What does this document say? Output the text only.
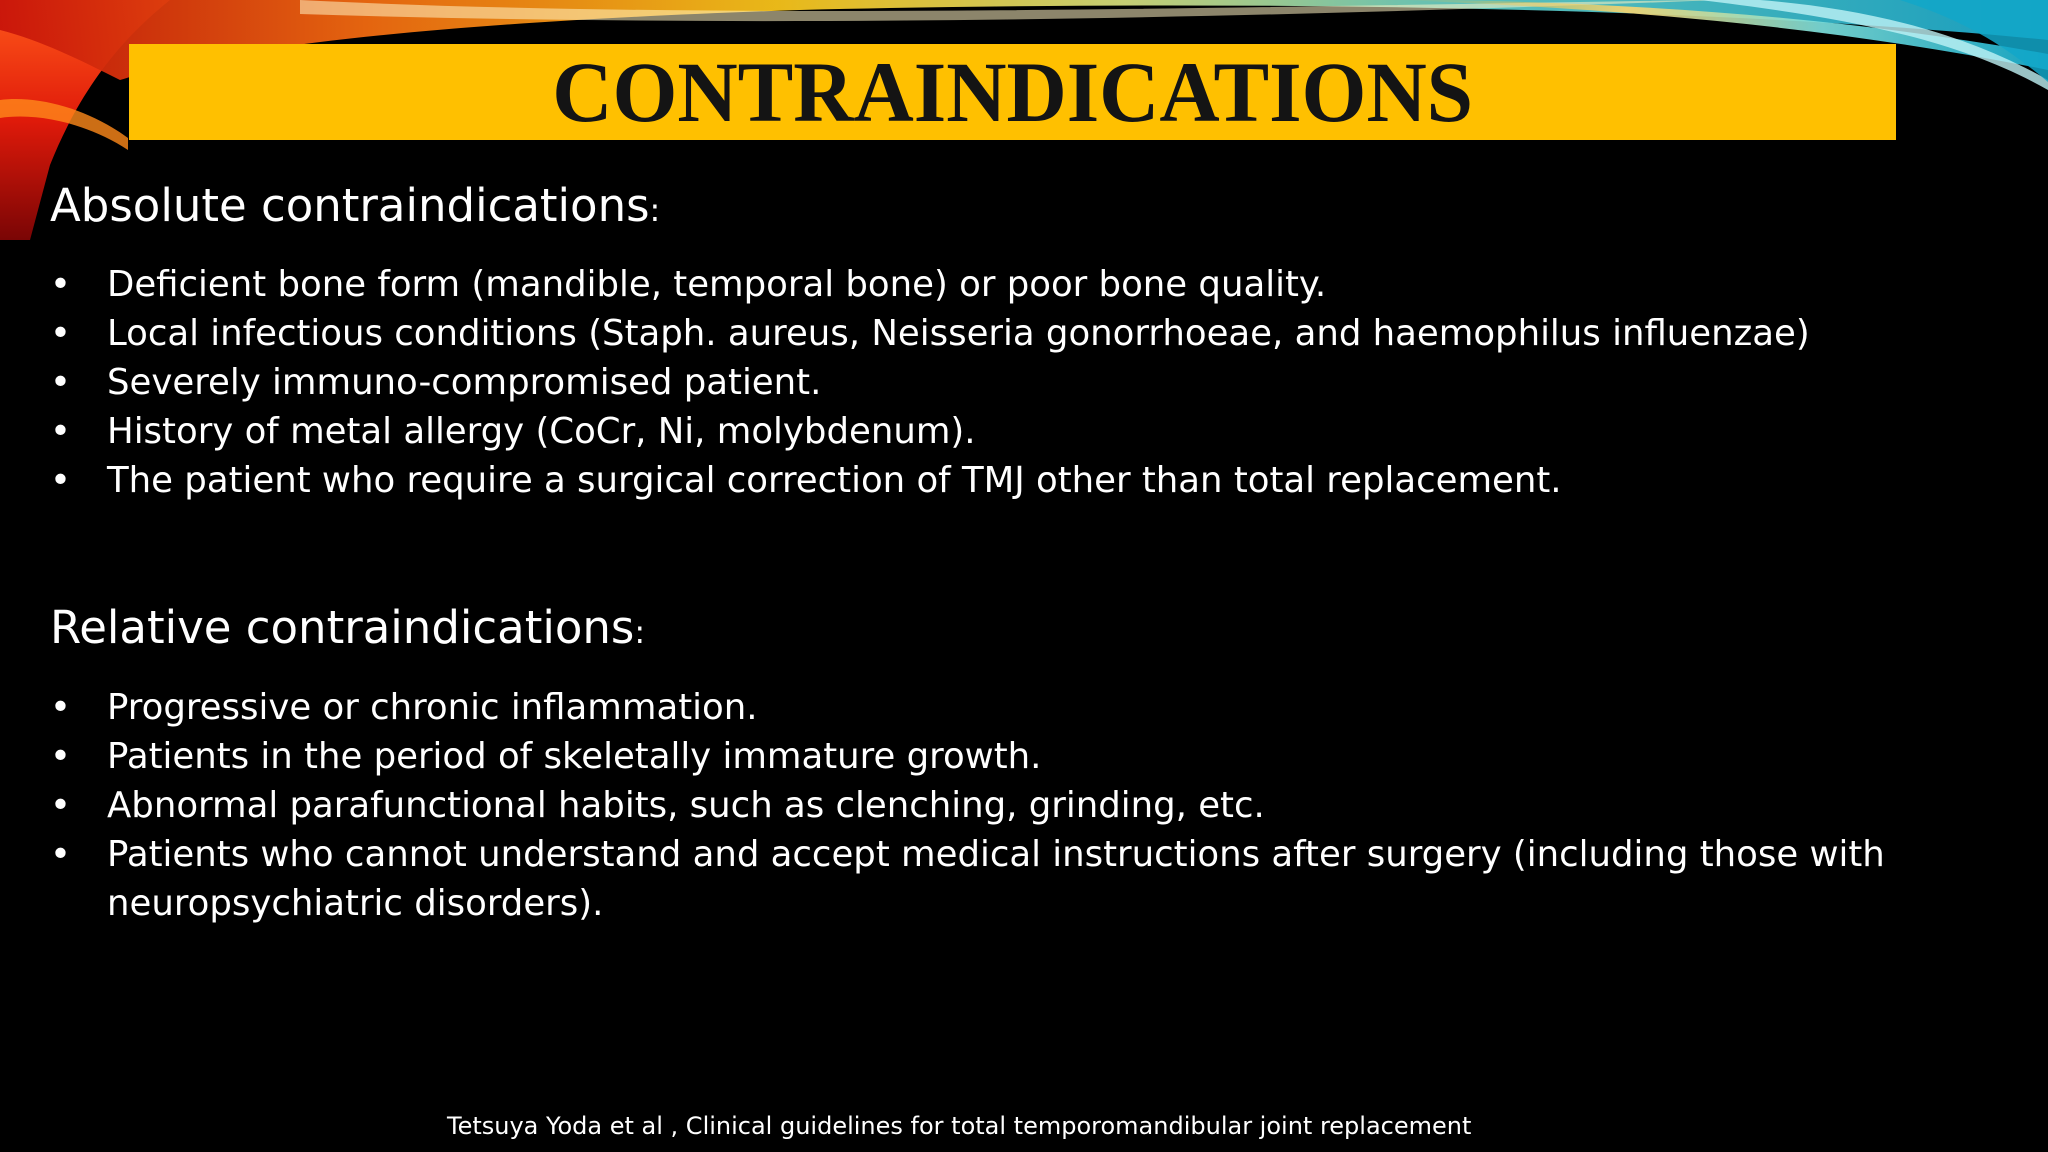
CONTRAINDICATIONS
Absolute contraindications:
• Deficient bone form (mandible, temporal bone) or poor bone quality.
• Local infectious conditions (Staph. aureus, Neisseria gonorrhoeae, and haemophilus influenzae)
• Severely immuno-compromised patient.
• History of metal allergy (CoCr, Ni, molybdenum).
• The patient who require a surgical correction of TMJ other than total replacement.
Relative contraindications:
• Progressive or chronic inflammation.
• Patients in the period of skeletally immature growth.
• Abnormal parafunctional habits, such as clenching, grinding, etc.
• Patients who cannot understand and accept medical instructions after surgery (including those with neuropsychiatric disorders).
Tetsuya Yoda et al , Clinical guidelines for total temporomandibular joint replacement
